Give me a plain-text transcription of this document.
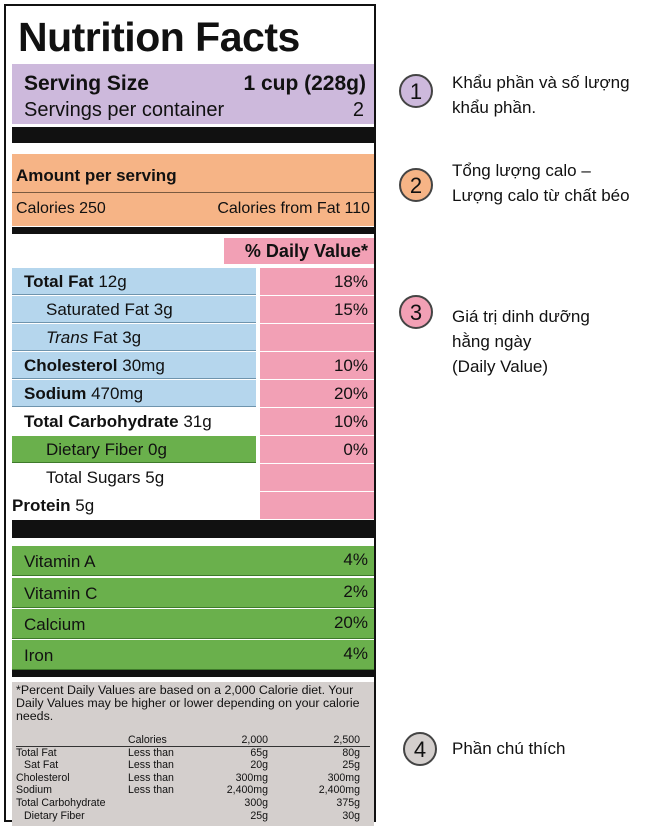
Nutrition Facts
Serving Size	1 cup (228g)
Servings per container	2
Amount per serving
Calories 250	Calories from Fat 110
% Daily Value*
Total Fat 12g	18%
Saturated Fat 3g	15%
Trans Fat 3g
Cholesterol 30mg	10%
Sodium 470mg	20%
Total Carbohydrate 31g	10%
Dietary Fiber 0g	0%
Total Sugars 5g
Protein 5g
Vitamin A	4%
Vitamin C	2%
Calcium	20%
Iron	4%
*Percent Daily Values are based on a 2,000 Calorie diet. Your Daily Values may be higher or lower depending on your calorie needs.
	Calories	2,000	2,500
Total Fat	Less than	65g	80g
Sat Fat	Less than	20g	25g
Cholesterol	Less than	300mg	300mg
Sodium	Less than	2,400mg	2,400mg
Total Carbohydrate		300g	375g
Dietary Fiber		25g	30g
1	Khẩu phần và số lượng
khẩu phần.
2
Tổng lượng calo –
Lượng calo từ chất béo
3	Giá trị dinh dưỡng
hằng ngày
(Daily Value)
4	Phần chú thích
